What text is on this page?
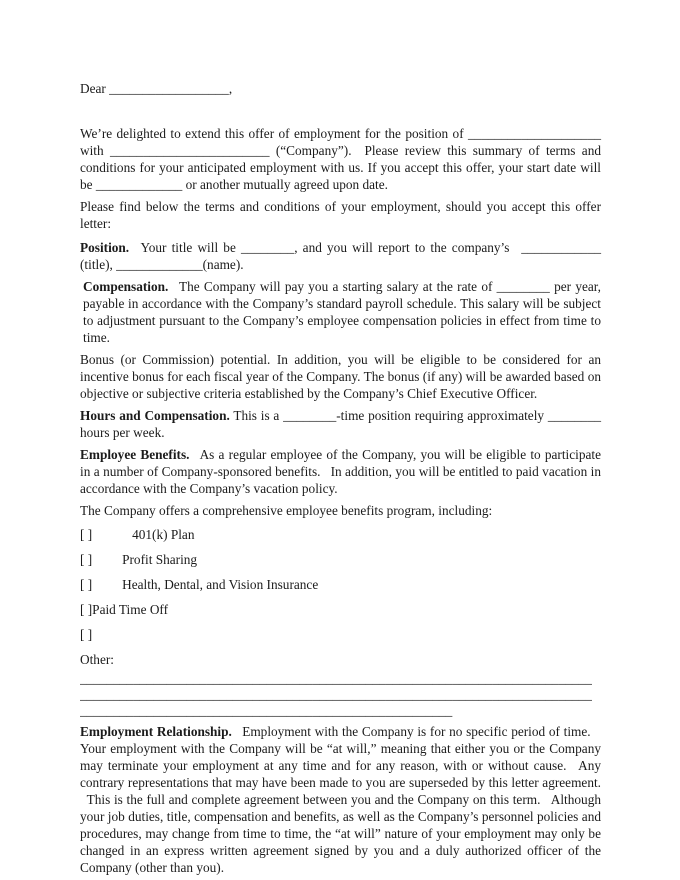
Dear __________________,

We’re delighted to extend this offer of employment for the position of ____________________ with ________________________ (“Company”).  Please review this summary of terms and conditions for your anticipated employment with us. If you accept this offer, your start date will be _____________ or another mutually agreed upon date.

Please find below the terms and conditions of your employment, should you accept this offer letter:

Position.  Your title will be ________, and you will report to the company’s  ____________ (title), _____________(name).

Compensation.  The Company will pay you a starting salary at the rate of ________ per year, payable in accordance with the Company’s standard payroll schedule. This salary will be subject to adjustment pursuant to the Company’s employee compensation policies in effect from time to time.

Bonus (or Commission) potential. In addition, you will be eligible to be considered for an incentive bonus for each fiscal year of the Company. The bonus (if any) will be awarded based on objective or subjective criteria established by the Company’s Chief Executive Officer.

Hours and Compensation. This is a ________-time position requiring approximately ________ hours per week.

Employee Benefits.  As a regular employee of the Company, you will be eligible to participate in a number of Company-sponsored benefits.  In addition, you will be entitled to paid vacation in accordance with the Company’s vacation policy.

The Company offers a comprehensive employee benefits program, including:

[ ]            401(k) Plan
[ ]         Profit Sharing
[ ]         Health, Dental, and Vision Insurance
[ ]Paid Time Off
[ ]

Other:

_____________________________________________________________________________
_____________________________________________________________________________
________________________________________________________

Employment Relationship.  Employment with the Company is for no specific period of time.  Your employment with the Company will be “at will,” meaning that either you or the Company may terminate your employment at any time and for any reason, with or without cause.  Any contrary representations that may have been made to you are superseded by this letter agreement.  This is the full and complete agreement between you and the Company on this term.  Although your job duties, title, compensation and benefits, as well as the Company’s personnel policies and procedures, may change from time to time, the “at will” nature of your employment may only be changed in an express written agreement signed by you and a duly authorized officer of the Company (other than you).
